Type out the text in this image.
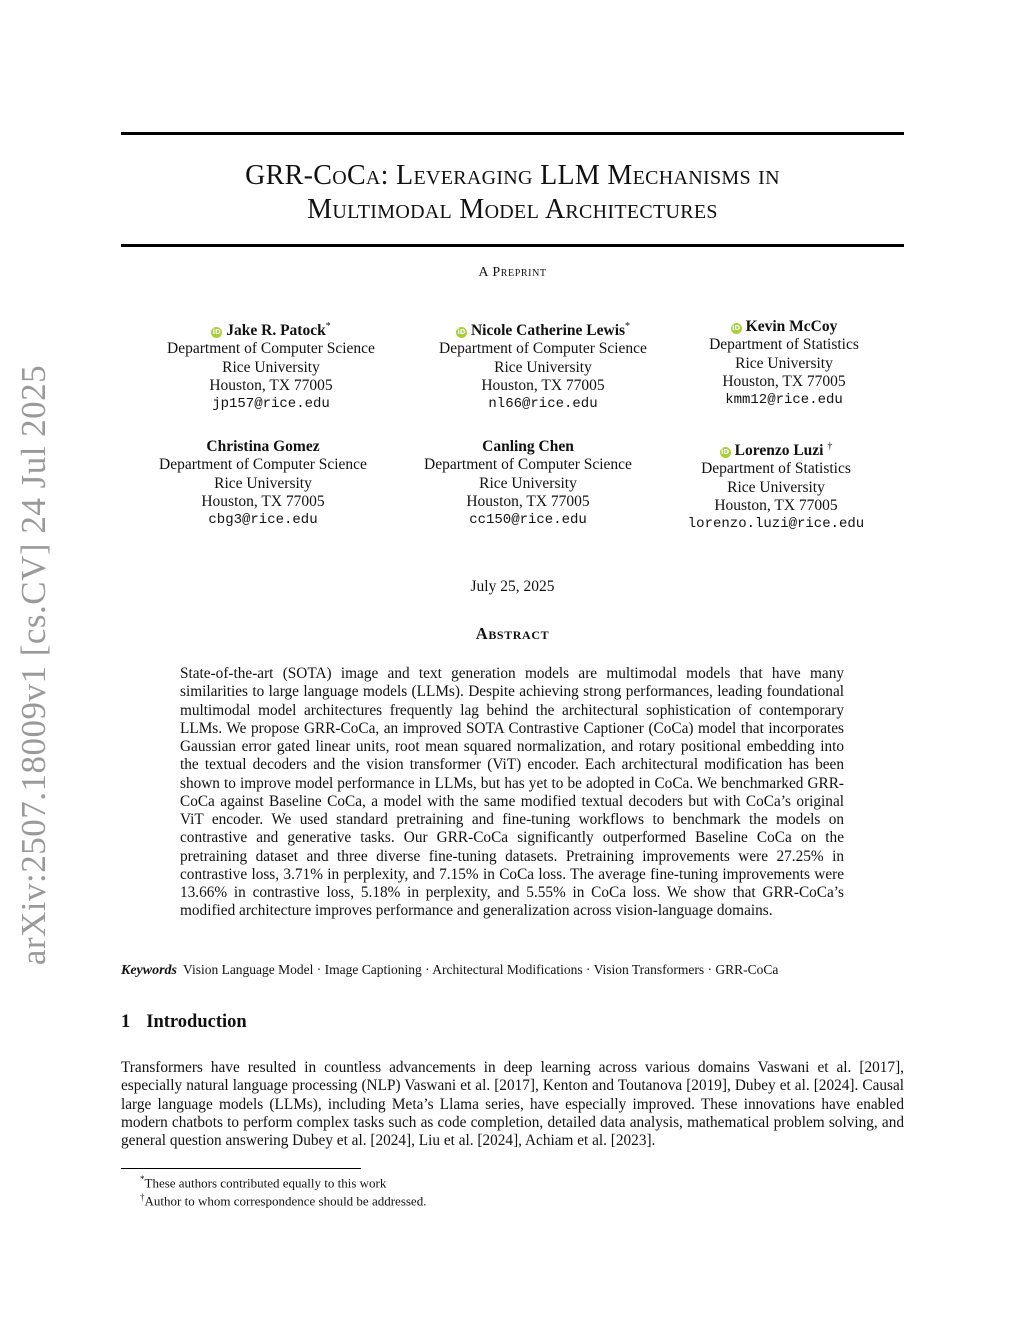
arXiv:2507.18009v1 [cs.CV] 24 Jul 2025
GRR-CoCa: Leveraging LLM Mechanisms in
Multimodal Model Architectures
A Preprint
iD Jake R. Patock*
Department of Computer Science
Rice University
Houston, TX 77005
jp157@rice.edu
iD Nicole Catherine Lewis*
Department of Computer Science
Rice University
Houston, TX 77005
nl66@rice.edu
iD Kevin McCoy
Department of Statistics
Rice University
Houston, TX 77005
kmm12@rice.edu
Christina Gomez
Department of Computer Science
Rice University
Houston, TX 77005
cbg3@rice.edu
Canling Chen
Department of Computer Science
Rice University
Houston, TX 77005
cc150@rice.edu
iD Lorenzo Luzi †
Department of Statistics
Rice University
Houston, TX 77005
lorenzo.luzi@rice.edu
July 25, 2025
Abstract
State-of-the-art (SOTA) image and text generation models are multimodal models that have many similarities to large language models (LLMs). Despite achieving strong performances, leading foundational multimodal model architectures frequently lag behind the architectural sophistication of contemporary LLMs. We propose GRR-CoCa, an improved SOTA Contrastive Captioner (CoCa) model that incorporates Gaussian error gated linear units, root mean squared normalization, and rotary positional embedding into the textual decoders and the vision transformer (ViT) encoder. Each architectural modification has been shown to improve model performance in LLMs, but has yet to be adopted in CoCa. We benchmarked GRR-CoCa against Baseline CoCa, a model with the same modified textual decoders but with CoCa’s original ViT encoder. We used standard pretraining and fine-tuning workflows to benchmark the models on contrastive and generative tasks. Our GRR-CoCa significantly outperformed Baseline CoCa on the pretraining dataset and three diverse fine-tuning datasets. Pretraining improvements were 27.25% in contrastive loss, 3.71% in perplexity, and 7.15% in CoCa loss. The average fine-tuning improvements were 13.66% in contrastive loss, 5.18% in perplexity, and 5.55% in CoCa loss. We show that GRR-CoCa’s modified architecture improves performance and generalization across vision-language domains.
Keywords Vision Language Model · Image Captioning · Architectural Modifications · Vision Transformers · GRR-CoCa
1 Introduction
Transformers have resulted in countless advancements in deep learning across various domains Vaswani et al. [2017], especially natural language processing (NLP) Vaswani et al. [2017], Kenton and Toutanova [2019], Dubey et al. [2024]. Causal large language models (LLMs), including Meta’s Llama series, have especially improved. These innovations have enabled modern chatbots to perform complex tasks such as code completion, detailed data analysis, mathematical problem solving, and general question answering Dubey et al. [2024], Liu et al. [2024], Achiam et al. [2023].
*These authors contributed equally to this work
†Author to whom correspondence should be addressed.
